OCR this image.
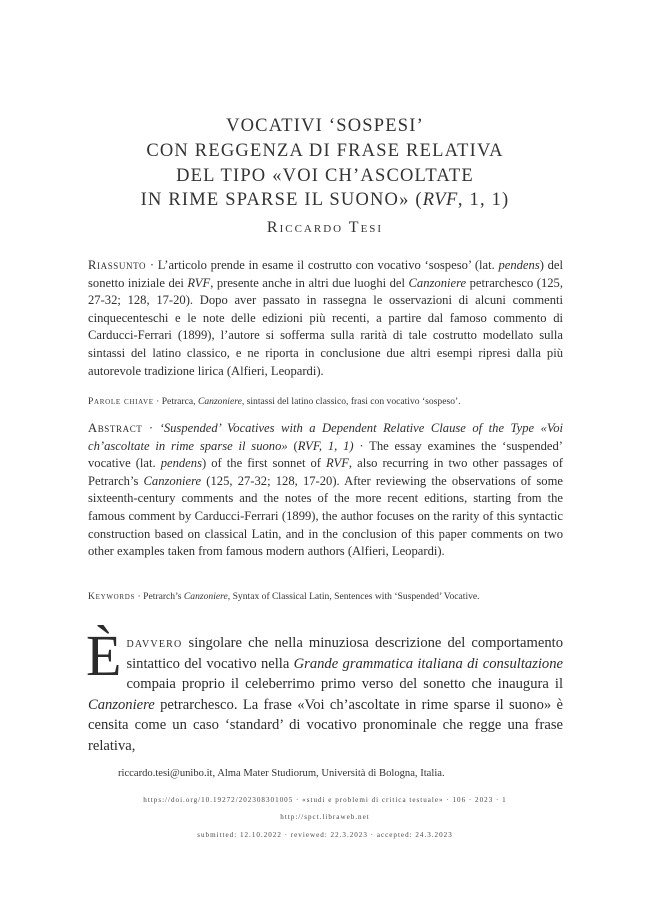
VOCATIVI ‘SOSPESI’
CON REGGENZA DI FRASE RELATIVA
DEL TIPO «VOI CH’ASCOLTATE
IN RIME SPARSE IL SUONO» (RVF, 1, 1)

Riccardo Tesi

Riassunto · L’articolo prende in esame il costrutto con vocativo ‘sospeso’ (lat. pendens) del sonetto iniziale dei RVF, presente anche in altri due luoghi del Canzoniere petrarchesco (125, 27-32; 128, 17-20). Dopo aver passato in rassegna le osservazioni di alcuni commenti cinquecenteschi e le note delle edizioni più recenti, a partire dal famoso commento di Carducci-Ferrari (1899), l’autore si sofferma sulla rarità di tale costrutto modellato sulla sintassi del latino classico, e ne riporta in conclusione due altri esempi ripresi dalla più autorevole tradizione lirica (Alfieri, Leopardi).

Parole chiave · Petrarca, Canzoniere, sintassi del latino classico, frasi con vocativo ‘sospeso’.

Abstract · ‘Suspended’ Vocatives with a Dependent Relative Clause of the Type «Voi ch’ascoltate in rime sparse il suono» (RVF, 1, 1) · The essay examines the ‘suspended’ vocative (lat. pendens) of the first sonnet of RVF, also recurring in two other passages of Petrarch’s Canzoniere (125, 27-32; 128, 17-20). After reviewing the observations of some sixteenth-century comments and the notes of the more recent editions, starting from the famous comment by Carducci-Ferrari (1899), the author focuses on the rarity of this syntactic construction based on classical Latin, and in the conclusion of this paper comments on two other examples taken from famous modern authors (Alfieri, Leopardi).

Keywords · Petrarch’s Canzoniere, Syntax of Classical Latin, Sentences with ‘Suspended’ Vocative.

Èdavvero singolare che nella minuziosa descrizione del comportamento sintattico del vocativo nella Grande grammatica italiana di consultazione compaia proprio il celeberrimo primo verso del sonetto che inaugura il Canzoniere petrarchesco. La frase «Voi ch’ascoltate in rime sparse il suono» è censita come un caso ‘standard’ di vocativo pronominale che regge una frase relativa,

riccardo.tesi@unibo.it, Alma Mater Studiorum, Università di Bologna, Italia.

https://doi.org/10.19272/202308301005 · «studi e problemi di critica testuale» · 106 · 2023 · 1

http://spct.libraweb.net

submitted: 12.10.2022 · reviewed: 22.3.2023 · accepted: 24.3.2023
